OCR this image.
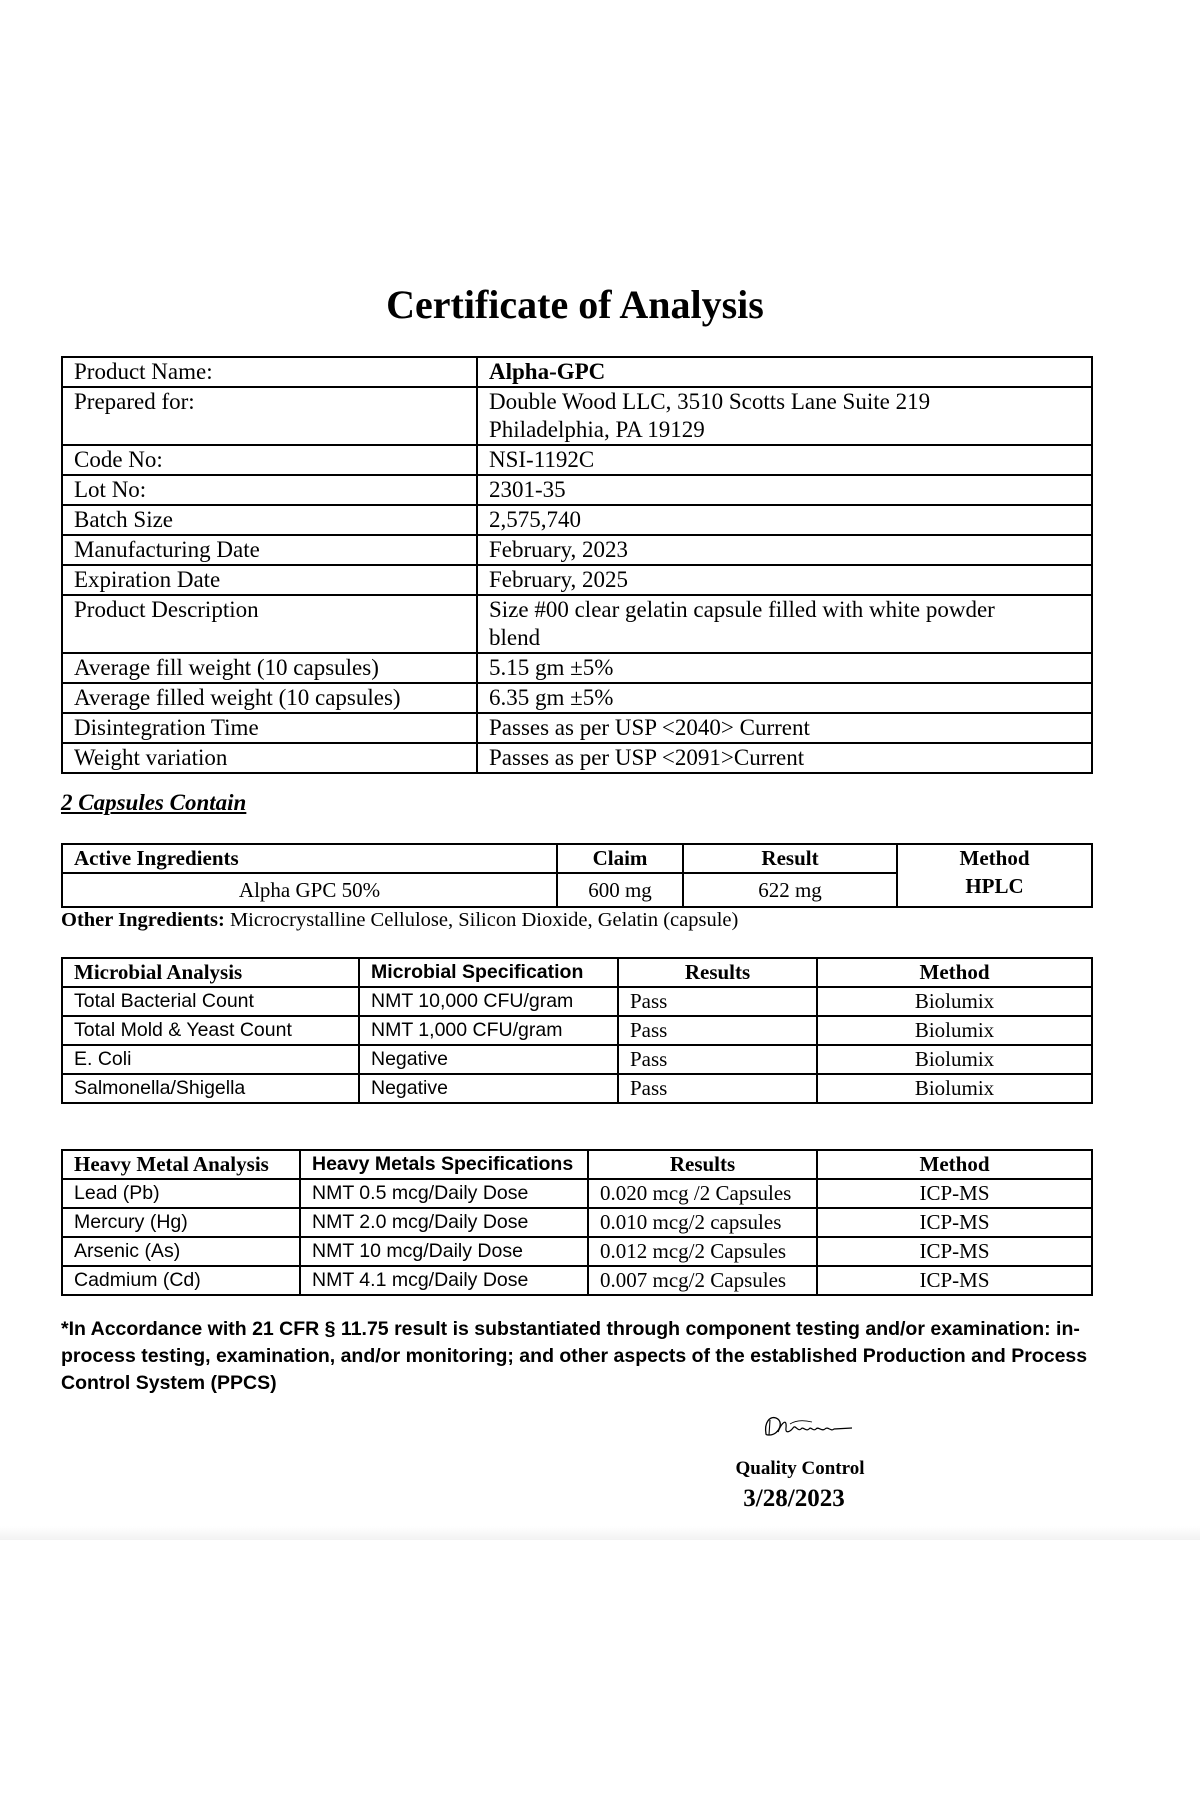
Certificate of Analysis
Product Name:	Alpha-GPC
Prepared for:	Double Wood LLC, 3510 Scotts Lane Suite 219
Philadelphia, PA 19129

Code No:	NSI-1192C
Lot No:	2301-35
Batch Size	2,575,740
Manufacturing Date	February, 2023
Expiration Date	February, 2025
Product Description	Size #00 clear gelatin capsule filled with white powder
blend

Average fill weight (10 capsules)	5.15 gm ±5%
Average filled weight (10 capsules)	6.35 gm ±5%
Disintegration Time	Passes as per USP <2040> Current
Weight variation	Passes as per USP <2091>Current
2 Capsules Contain
Active Ingredients	Claim	Result	Method
Alpha GPC 50%	600 mg	622 mg	HPLC
Other Ingredients: Microcrystalline Cellulose, Silicon Dioxide, Gelatin (capsule)
Microbial Analysis	Microbial Specification	Results	Method
Total Bacterial Count	NMT 10,000 CFU/gram	Pass	Biolumix
Total Mold & Yeast Count	NMT 1,000 CFU/gram	Pass	Biolumix
E. Coli	Negative	Pass	Biolumix
Salmonella/Shigella	Negative	Pass	Biolumix
Heavy Metal Analysis	Heavy Metals Specifications	Results	Method
Lead (Pb)	NMT 0.5 mcg/Daily Dose	0.020 mcg /2 Capsules	ICP-MS
Mercury (Hg)	NMT 2.0 mcg/Daily Dose	0.010 mcg/2 capsules	ICP-MS
Arsenic (As)	NMT 10 mcg/Daily Dose	0.012 mcg/2 Capsules	ICP-MS
Cadmium (Cd)	NMT 4.1 mcg/Daily Dose	0.007 mcg/2 Capsules	ICP-MS
*In Accordance with 21 CFR § 11.75 result is substantiated through component testing and/or examination: in-process testing, examination, and/or monitoring; and other aspects of the established Production and Process Control System (PPCS)
Quality Control
3/28/2023
